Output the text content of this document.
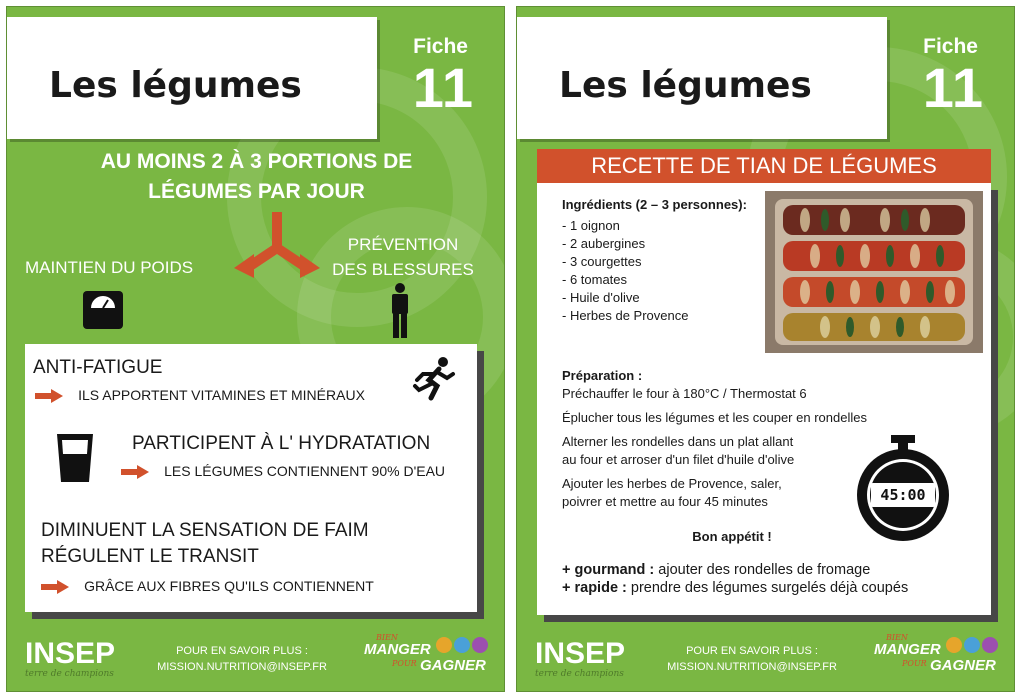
Les légumes
Fiche
11
AU MOINS 2 À 3 PORTIONS DE
LÉGUMES PAR JOUR
MAINTIEN DU POIDS
PRÉVENTION
DES BLESSURES
ANTI-FATIGUE
ILS APPORTENT VITAMINES ET MINÉRAUX
PARTICIPENT À L' HYDRATATION
LES LÉGUMES CONTIENNENT 90% D'EAU
DIMINUENT LA SENSATION DE FAIM
RÉGULENT LE TRANSIT
GRÂCE AUX FIBRES QU'ILS CONTIENNENT
INSEP
terre de champions
POUR EN SAVOIR PLUS :
MISSION.NUTRITION@INSEP.FR
BIEN
MANGER
POUR GAGNER
Les légumes
Fiche
11
Ingrédients (2 – 3 personnes):
- 1 oignon
- 2 aubergines
- 3 courgettes
- 6 tomates
- Huile d'olive
- Herbes de Provence

Préparation :

Préchauffer le four à 180°C / Thermostat 6

Éplucher tous les légumes et les couper en rondelles

Alterner les rondelles dans un plat allant

au four et arroser d'un filet d'huile d'olive

Ajouter les herbes de Provence, saler,

poivrer et mettre au four 45 minutes	45:00
Bon appétit !
+ gourmand : ajouter des rondelles de fromage
+ rapide : prendre des légumes surgelés déjà coupés
RECETTE DE TIAN DE LÉGUMES
INSEP
terre de champions
POUR EN SAVOIR PLUS :
MISSION.NUTRITION@INSEP.FR
BIEN
MANGER
POUR GAGNER
